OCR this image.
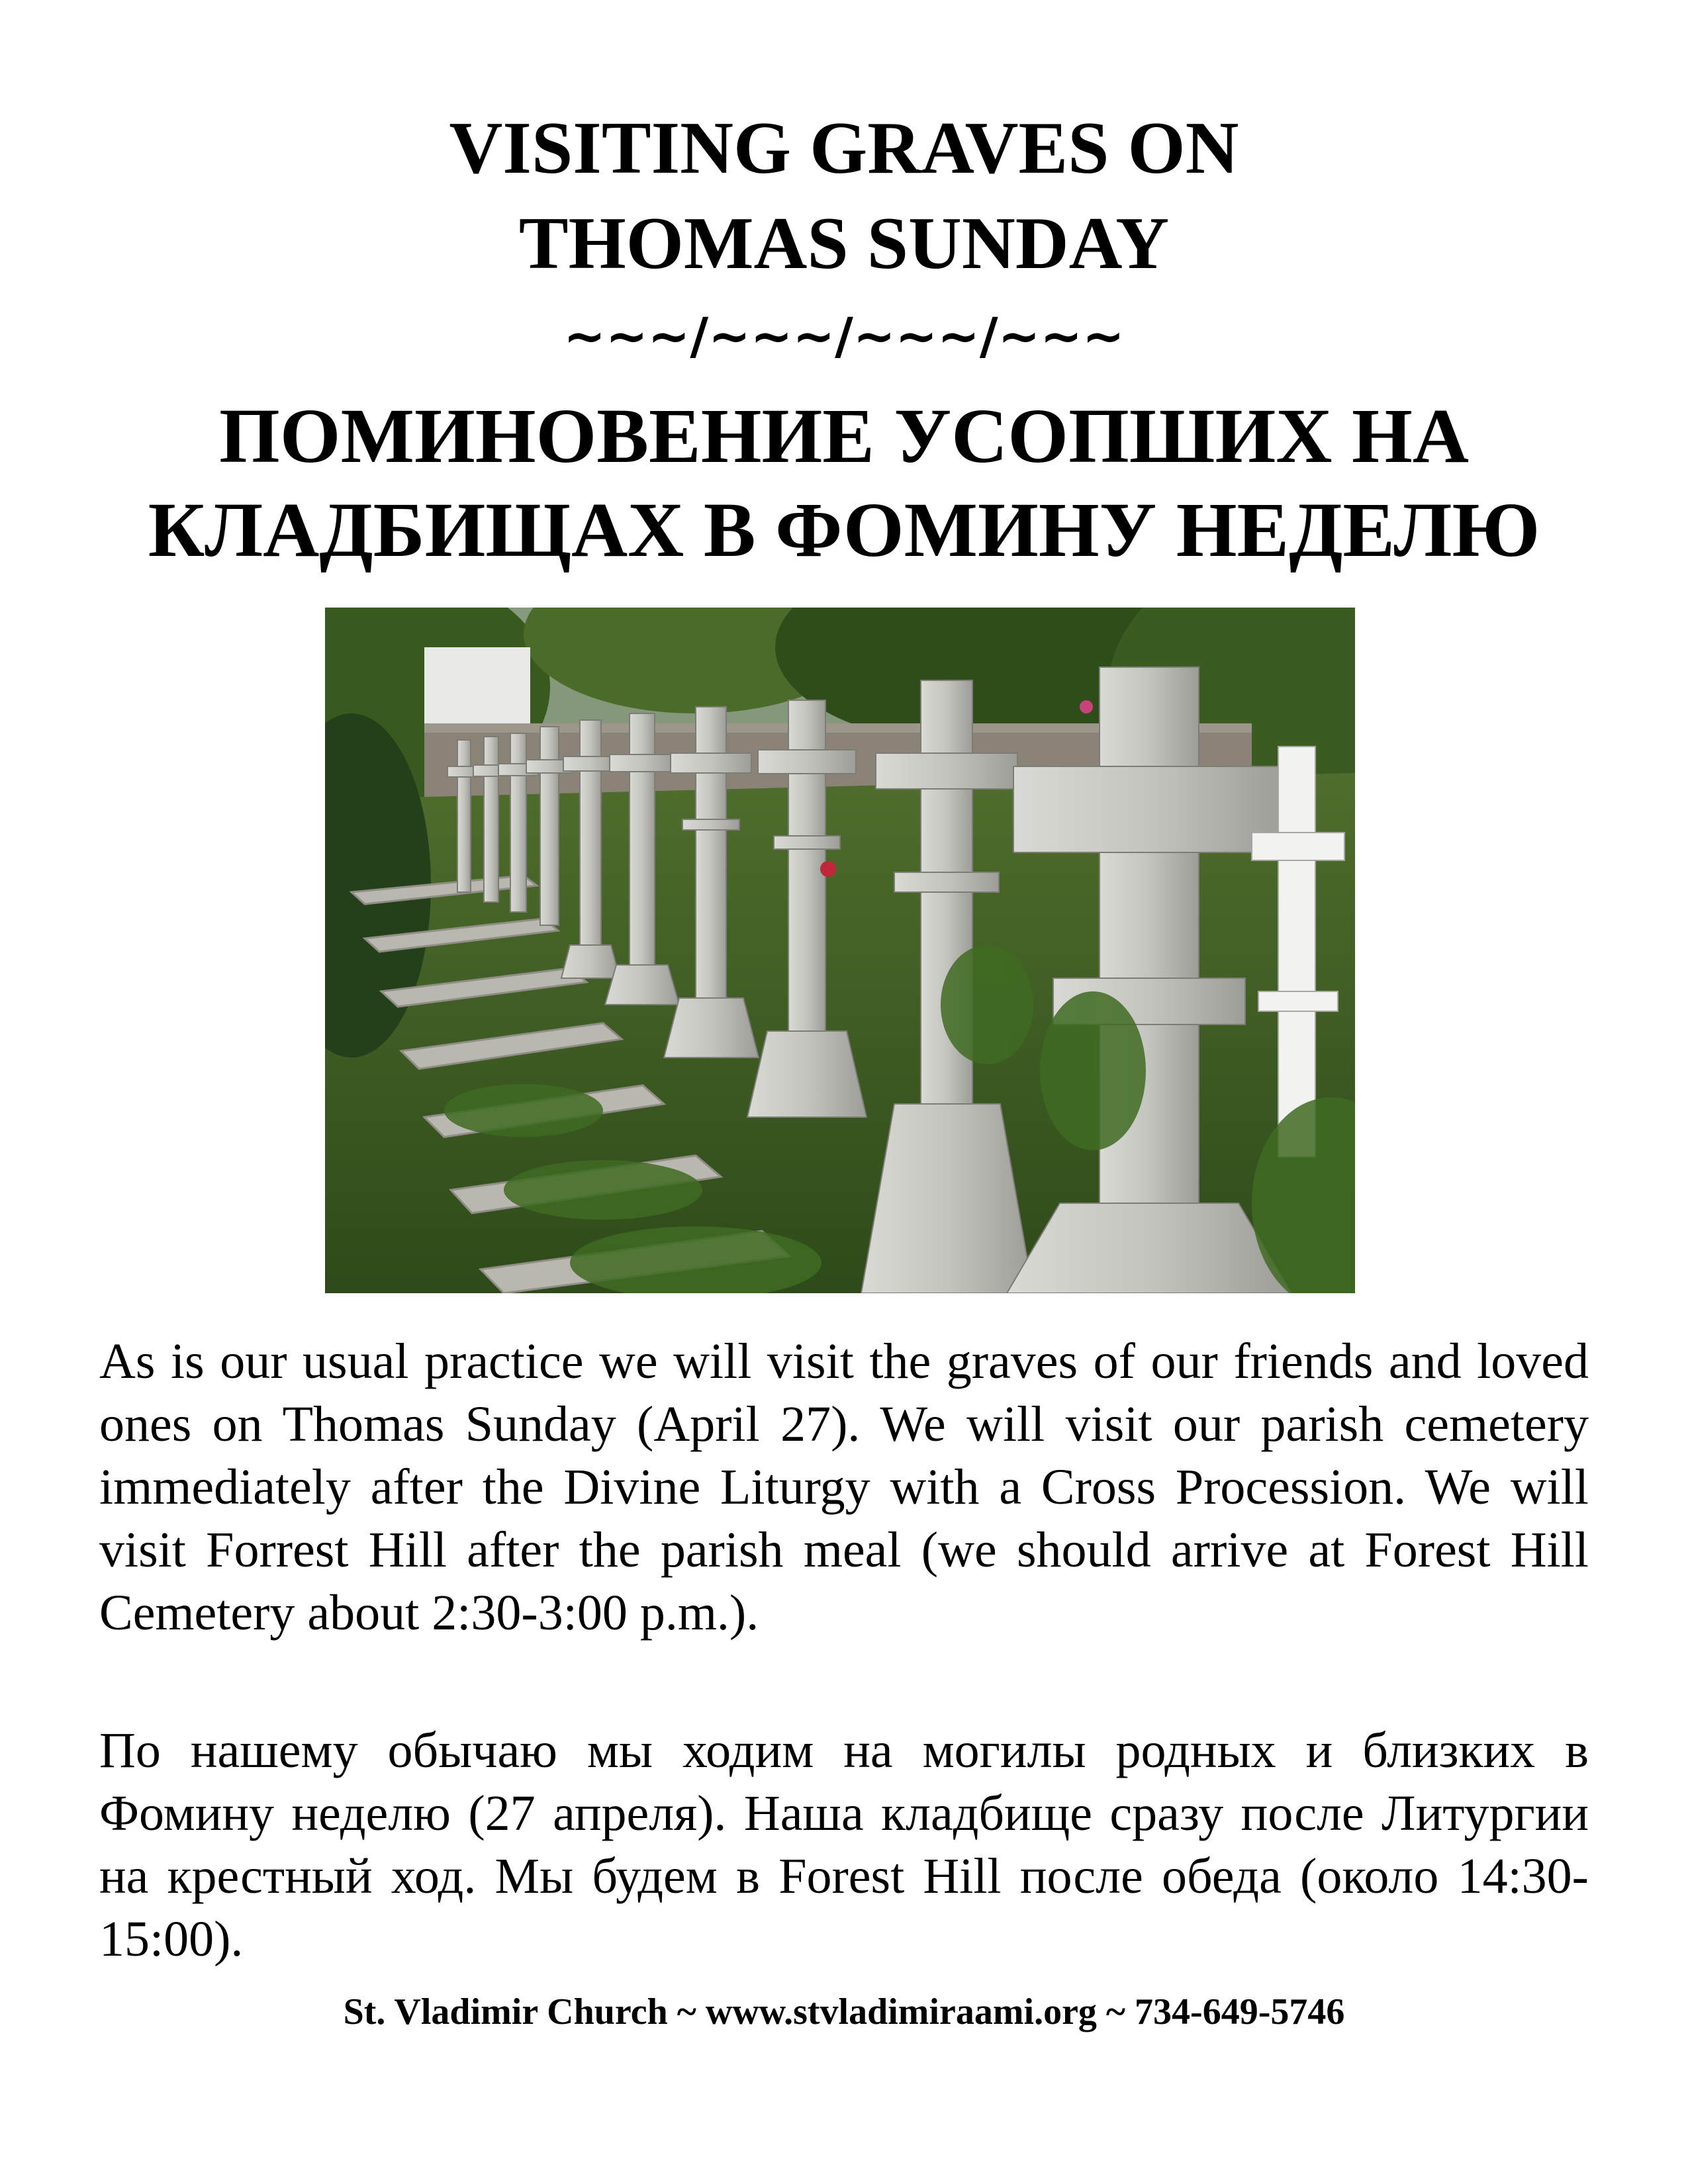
VISITING GRAVES ON
THOMAS SUNDAY
~~~/~~~/~~~/~~~
ПОМИНОВЕНИЕ УСОПШИХ НА
КЛАДБИЩАХ В ФОМИНУ НЕДЕЛЮ

As is our usual practice we will visit the graves of our friends and loved ones on Thomas Sunday (April 27). We will visit our parish cemetery immediately after the Divine Liturgy with a Cross Procession. We will visit Forrest Hill after the parish meal (we should arrive at Forest Hill Cemetery about 2:30-3:00 p.m.).

По нашему обычаю мы ходим на могилы родных и близких в Фомину неделю (27 апреля). Наша кладбище сразу после Литургии на крестный ход. Мы будем в Forest Hill после обеда (около 14:30-15:00).

St. Vladimir Church ~ www.stvladimiraami.org ~ 734-649-5746
